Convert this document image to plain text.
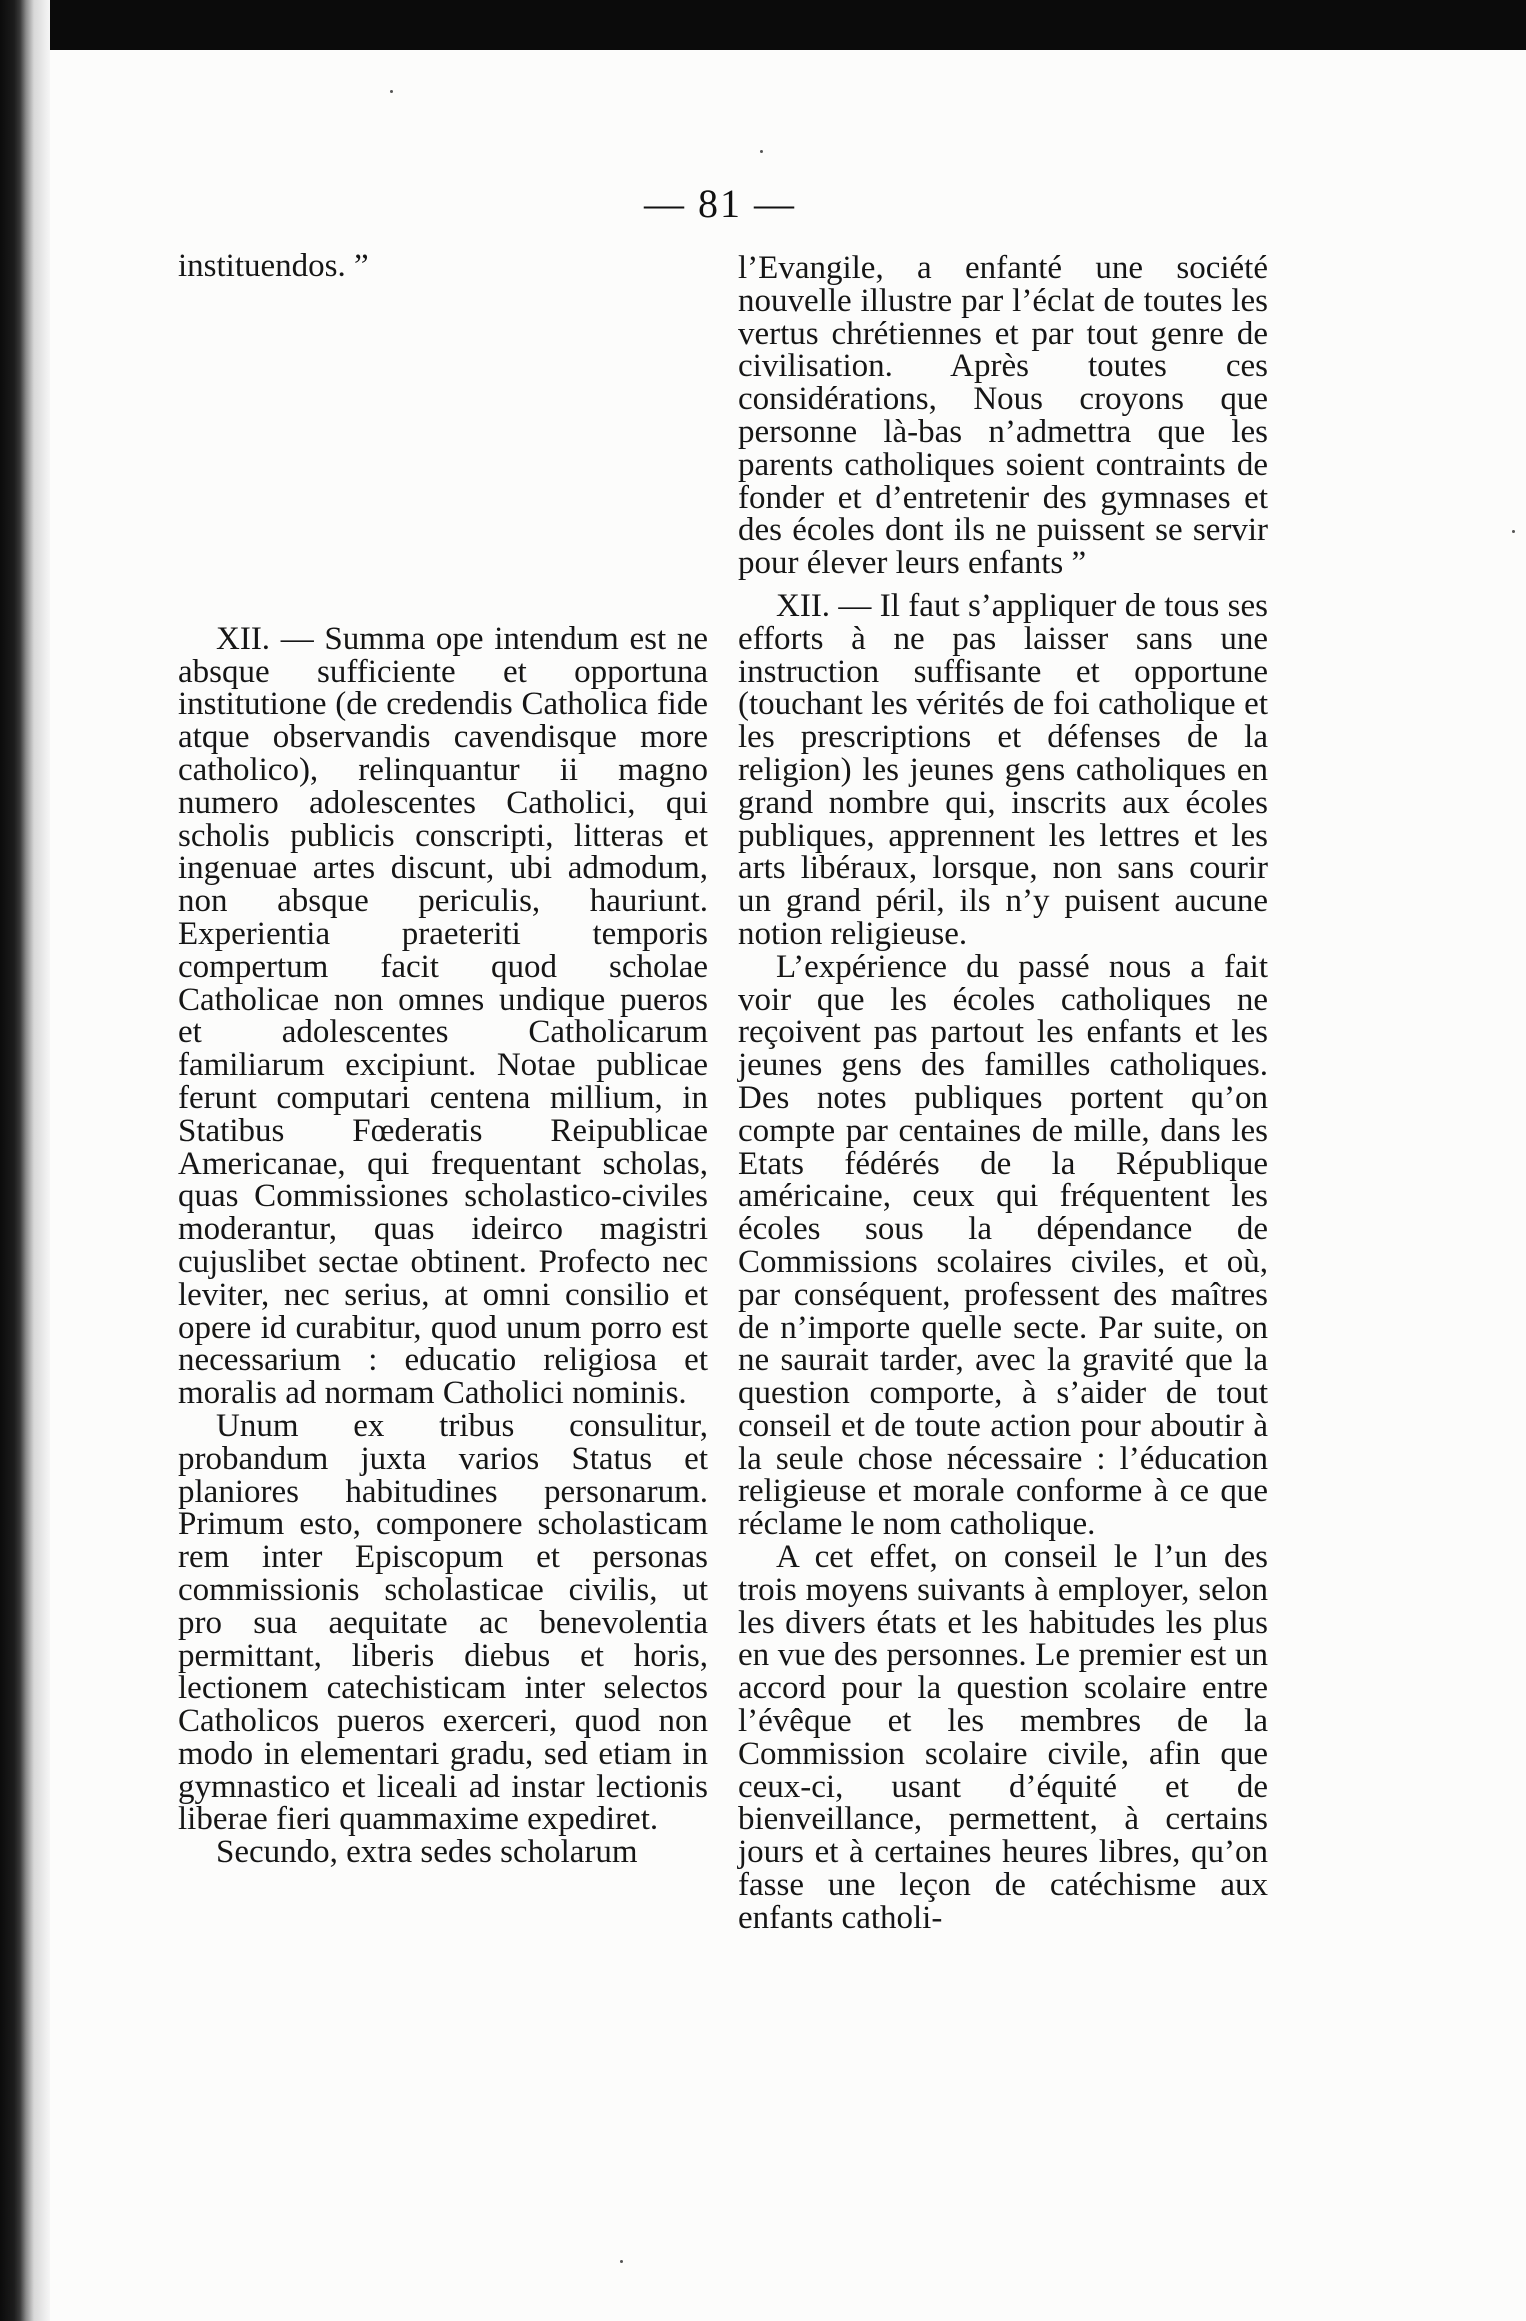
— 81 —

instituendos. ”

XII. — Summa ope intendum est ne absque sufficiente et opportuna institutione (de credendis Catholica fide atque observandis cavendisque more catholico), relinquantur ii magno numero adolescentes Catholici, qui scholis publicis conscripti, litteras et ingenuae artes discunt, ubi admodum, non absque periculis, hauriunt. Experientia praeteriti temporis compertum facit quod scholae Catholicae non omnes undique pueros et adolescentes Catholicarum familiarum excipiunt. Notae publicae ferunt computari centena millium, in Statibus Fœderatis Reipublicae Americanae, qui frequentant scholas, quas Commissiones scholastico-civiles moderantur, quas ideirco magistri cujuslibet sectae obtinent. Profecto nec leviter, nec serius, at omni consilio et opere id curabitur, quod unum porro est necessarium : educatio religiosa et moralis ad normam Catholici nominis.

Unum ex tribus consulitur, probandum juxta varios Status et planiores habitudines personarum. Primum esto, componere scholasticam rem inter Episcopum et personas commissionis scholasticae civilis, ut pro sua aequitate ac benevolentia permittant, liberis diebus et horis, lectionem catechisticam inter selectos Catholicos pueros exerceri, quod non modo in elementari gradu, sed etiam in gymnastico et liceali ad instar lectionis liberae fieri quammaxime expediret.

Secundo, extra sedes scholarum

l’Evangile, a enfanté une société nouvelle illustre par l’éclat de toutes les vertus chrétiennes et par tout genre de civilisation. Après toutes ces considérations, Nous croyons que personne là-bas n’admettra que les parents catholiques soient contraints de fonder et d’entretenir des gymnases et des écoles dont ils ne puissent se servir pour élever leurs enfants ”

XII. — Il faut s’appliquer de tous ses efforts à ne pas laisser sans une instruction suffisante et opportune (touchant les vérités de foi catholique et les prescriptions et défenses de la religion) les jeunes gens catholiques en grand nombre qui, inscrits aux écoles publiques, apprennent les lettres et les arts libéraux, lorsque, non sans courir un grand péril, ils n’y puisent aucune notion religieuse.

L’expérience du passé nous a fait voir que les écoles catholiques ne reçoivent pas partout les enfants et les jeunes gens des familles catholiques. Des notes publiques portent qu’on compte par centaines de mille, dans les Etats fédérés de la République américaine, ceux qui fréquentent les écoles sous la dépendance de Commissions scolaires civiles, et où, par conséquent, professent des maîtres de n’importe quelle secte. Par suite, on ne saurait tarder, avec la gravité que la question comporte, à s’aider de tout conseil et de toute action pour aboutir à la seule chose nécessaire : l’éducation religieuse et morale conforme à ce que réclame le nom catholique.

A cet effet, on conseil le l’un des trois moyens suivants à employer, selon les divers états et les habitudes les plus en vue des personnes. Le premier est un accord pour la question scolaire entre l’évêque et les membres de la Commission scolaire civile, afin que ceux-ci, usant d’équité et de bienveillance, permettent, à certains jours et à certaines heures libres, qu’on fasse une leçon de catéchisme aux enfants catholi-
